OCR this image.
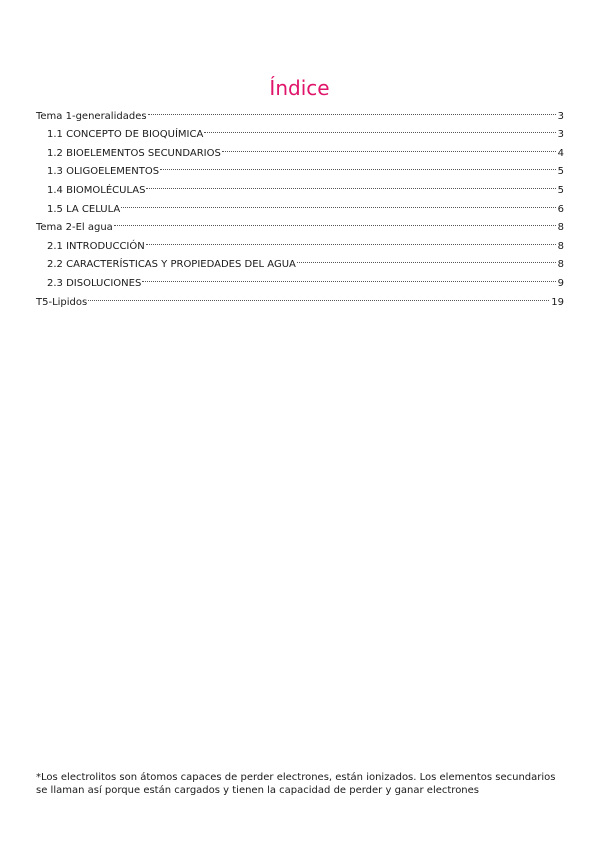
Índice
Tema 1-generalidades	3
1.1 CONCEPTO DE BIOQUÍMICA	3
1.2 BIOELEMENTOS SECUNDARIOS	4
1.3 OLIGOELEMENTOS	5
1.4 BIOMOLÉCULAS	5
1.5 LA CELULA	6
Tema 2-El agua	8
2.1 INTRODUCCIÓN	8
2.2 CARACTERÍSTICAS Y PROPIEDADES DEL AGUA	8
2.3 DISOLUCIONES	9
T5-Lipidos	19
*Los electrolitos son átomos capaces de perder electrones, están ionizados. Los elementos secundarios se llaman así porque están cargados y tienen la capacidad de perder y ganar electrones
